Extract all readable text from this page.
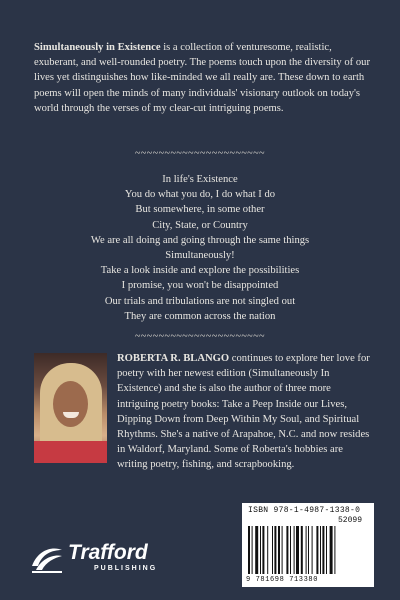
Simultaneously in Existence is a collection of venturesome, realistic, exuberant, and well-rounded poetry. The poems touch upon the diversity of our lives yet distinguishes how like-minded we all really are. These down to earth poems will open the minds of many individuals' visionary outlook on today's world through the verses of my clear-cut intriguing poems.
~~~~~~~~~~~~~~~~~~~~~~
In life's Existence
You do what you do, I do what I do
But somewhere, in some other
City, State, or Country
We are all doing and going through the same things
Simultaneously!
Take a look inside and explore the possibilities
I promise, you won't be disappointed
Our trials and tribulations are not singled out
They are common across the nation
~~~~~~~~~~~~~~~~~~~~~~
ROBERTA R. BLANGO continues to explore her love for poetry with her newest edition (Simultaneously In Existence) and she is also the author of three more intriguing poetry books: Take a Peep Inside our Lives, Dipping Down from Deep Within My Soul, and Spiritual Rhythms. She's a native of Arapahoe, N.C. and now resides in Waldorf, Maryland. Some of Roberta's hobbies are writing poetry, fishing, and scrapbooking.
Trafford
PUBLISHING
ISBN 978-1-4987-1338-0
52099
9 781698 713380
